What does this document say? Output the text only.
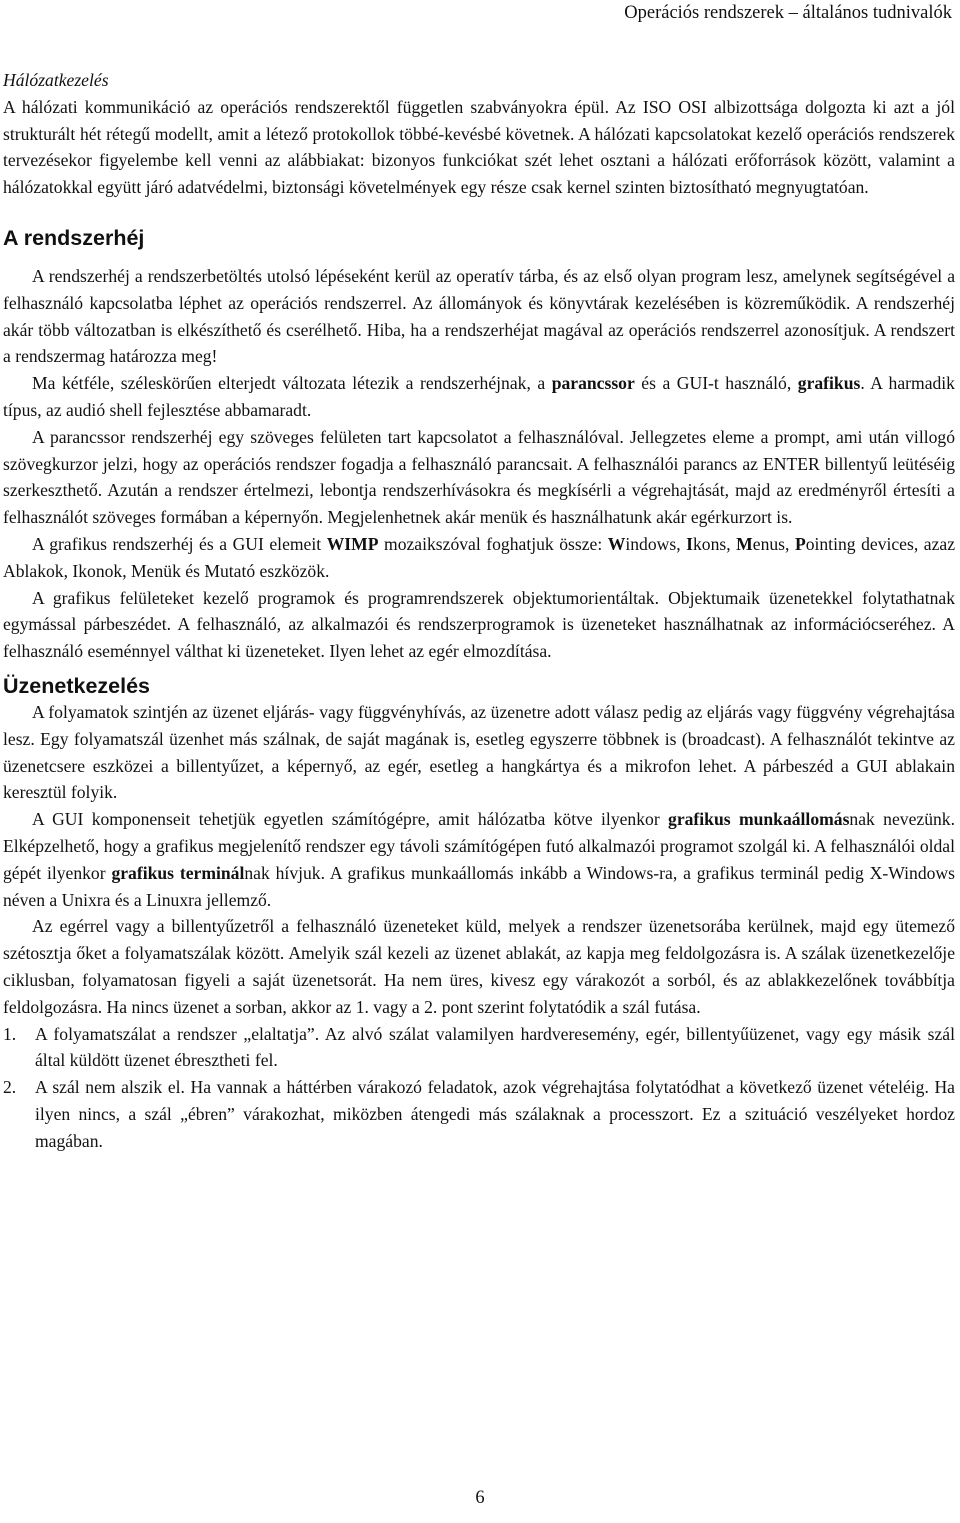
Operációs rendszerek – általános tudnivalók
Hálózatkezelés

A hálózati kommunikáció az operációs rendszerektől független szabványokra épül. Az ISO OSI albizottsága dolgozta ki azt a jól strukturált hét rétegű modellt, amit a létező protokollok többé-kevésbé követnek. A hálózati kapcsolatokat kezelő operációs rendszerek tervezésekor figyelembe kell venni az alábbiakat: bizonyos funkciókat szét lehet osztani a hálózati erőforrások között, valamint a hálózatokkal együtt járó adatvédelmi, biztonsági követelmények egy része csak kernel szinten biztosítható megnyugtatóan.

A rendszerhéj

A rendszerhéj a rendszerbetöltés utolsó lépéseként kerül az operatív tárba, és az első olyan program lesz, amelynek segítségével a felhasználó kapcsolatba léphet az operációs rendszerrel. Az állományok és könyvtárak kezelésében is közreműködik. A rendszerhéj akár több változatban is elkészíthető és cserélhető. Hiba, ha a rendszerhéjat magával az operációs rendszerrel azonosítjuk. A rendszert a rendszermag határozza meg!

Ma kétféle, széleskörűen elterjedt változata létezik a rendszerhéjnak, a parancssor és a GUI-t használó, grafikus. A harmadik típus, az audió shell fejlesztése abbamaradt.

A parancssor rendszerhéj egy szöveges felületen tart kapcsolatot a felhasználóval. Jellegzetes eleme a prompt, ami után villogó szövegkurzor jelzi, hogy az operációs rendszer fogadja a felhasználó parancsait. A felhasználói parancs az ENTER billentyű leütéséig szerkeszthető. Azután a rendszer értelmezi, lebontja rendszerhívásokra és megkísérli a végrehajtását, majd az eredményről értesíti a felhasználót szöveges formában a képernyőn. Megjelenhetnek akár menük és használhatunk akár egérkurzort is.

A grafikus rendszerhéj és a GUI elemeit WIMP mozaikszóval foghatjuk össze: Windows, Ikons, Menus, Pointing devices, azaz Ablakok, Ikonok, Menük és Mutató eszközök.

A grafikus felületeket kezelő programok és programrendszerek objektumorientáltak. Objektumaik üzenetekkel folytathatnak egymással párbeszédet. A felhasználó, az alkalmazói és rendszerprogramok is üzeneteket használhatnak az információcseréhez. A felhasználó eseménnyel válthat ki üzeneteket. Ilyen lehet az egér elmozdítása.

Üzenetkezelés

A folyamatok szintjén az üzenet eljárás- vagy függvényhívás, az üzenetre adott válasz pedig az eljárás vagy függvény végrehajtása lesz. Egy folyamatszál üzenhet más szálnak, de saját magának is, esetleg egyszerre többnek is (broadcast). A felhasználót tekintve az üzenetcsere eszközei a billentyűzet, a képernyő, az egér, esetleg a hangkártya és a mikrofon lehet. A párbeszéd a GUI ablakain keresztül folyik.

A GUI komponenseit tehetjük egyetlen számítógépre, amit hálózatba kötve ilyenkor grafikus munkaállomásnak nevezünk. Elképzelhető, hogy a grafikus megjelenítő rendszer egy távoli számítógépen futó alkalmazói programot szolgál ki. A felhasználói oldal gépét ilyenkor grafikus terminálnak hívjuk. A grafikus munkaállomás inkább a Windows-ra, a grafikus terminál pedig X-Windows néven a Unixra és a Linuxra jellemző.

Az egérrel vagy a billentyűzetről a felhasználó üzeneteket küld, melyek a rendszer üzenetsorába kerülnek, majd egy ütemező szétosztja őket a folyamatszálak között. Amelyik szál kezeli az üzenet ablakát, az kapja meg feldolgozásra is. A szálak üzenetkezelője ciklusban, folyamatosan figyeli a saját üzenetsorát. Ha nem üres, kivesz egy várakozót a sorból, és az ablakkezelőnek továbbítja feldolgozásra. Ha nincs üzenet a sorban, akkor az 1. vagy a 2. pont szerint folytatódik a szál futása.

1. A folyamatszálat a rendszer „elaltatja”. Az alvó szálat valamilyen hardveresemény, egér, billentyűüzenet, vagy egy másik szál által küldött üzenet ébresztheti fel.
2. A szál nem alszik el. Ha vannak a háttérben várakozó feladatok, azok végrehajtása folytatódhat a következő üzenet vételéig. Ha ilyen nincs, a szál „ébren” várakozhat, miközben átengedi más szálaknak a processzort. Ez a szituáció veszélyeket hordoz magában.
6
